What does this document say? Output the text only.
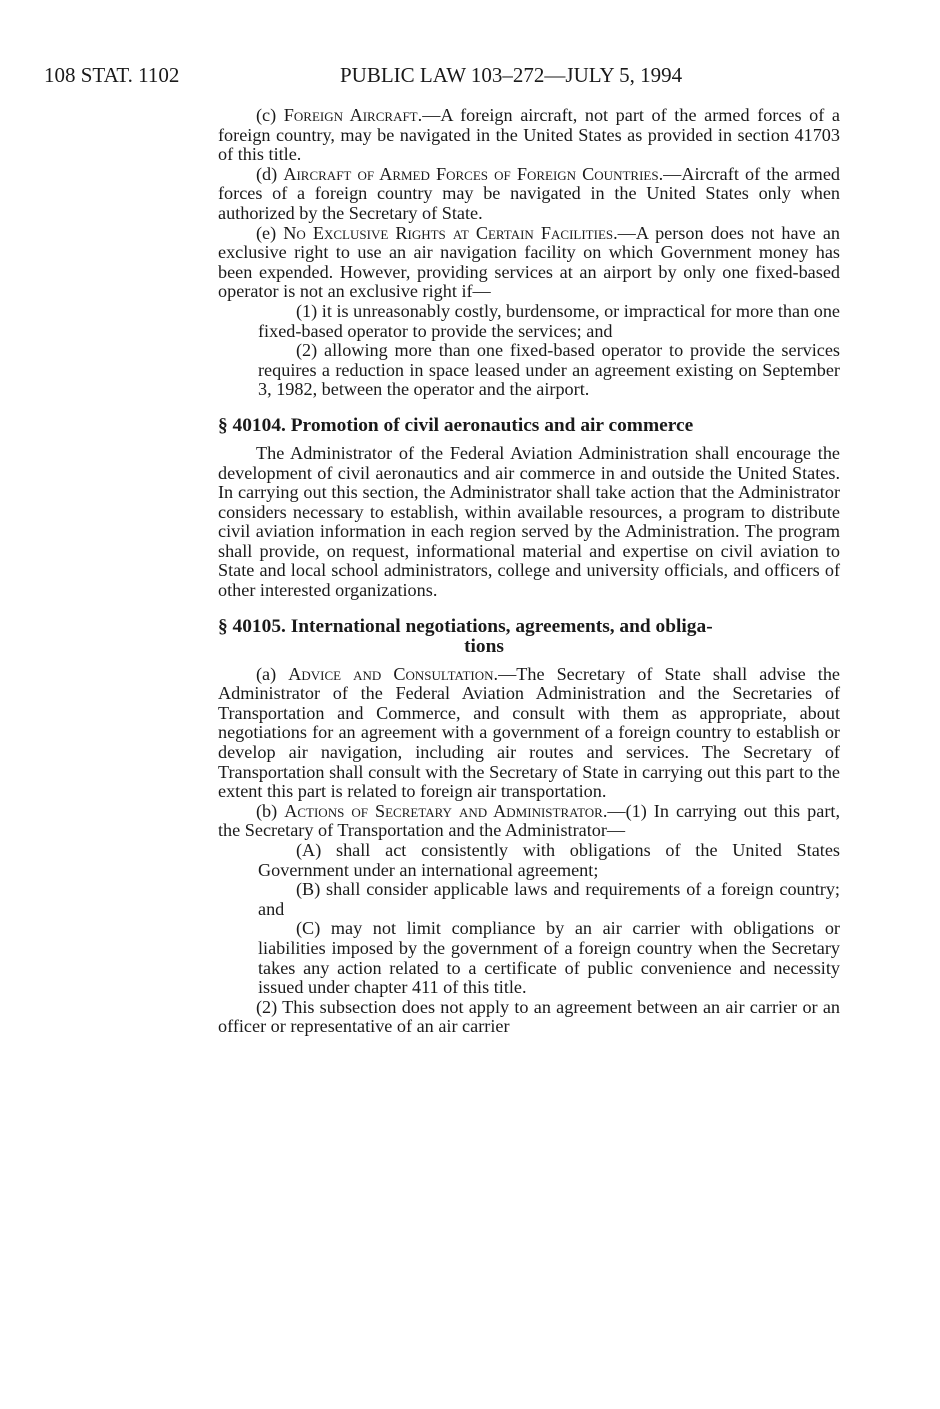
108 STAT. 1102	PUBLIC LAW 103–272—JULY 5, 1994

(c) Foreign Aircraft.—A foreign aircraft, not part of the armed forces of a foreign country, may be navigated in the United States as provided in section 41703 of this title.

(d) Aircraft of Armed Forces of Foreign Countries.—Aircraft of the armed forces of a foreign country may be navigated in the United States only when authorized by the Secretary of State.

(e) No Exclusive Rights at Certain Facilities.—A person does not have an exclusive right to use an air navigation facility on which Government money has been expended. However, providing services at an airport by only one fixed-based operator is not an exclusive right if—

(1) it is unreasonably costly, burdensome, or impractical for more than one fixed-based operator to provide the services; and

(2) allowing more than one fixed-based operator to provide the services requires a reduction in space leased under an agreement existing on September 3, 1982, between the operator and the airport.

§ 40104. Promotion of civil aeronautics and air commerce

The Administrator of the Federal Aviation Administration shall encourage the development of civil aeronautics and air commerce in and outside the United States. In carrying out this section, the Administrator shall take action that the Administrator considers necessary to establish, within available resources, a program to distribute civil aviation information in each region served by the Administration. The program shall provide, on request, informational material and expertise on civil aviation to State and local school administrators, college and university officials, and officers of other interested organizations.

§ 40105. International negotiations, agreements, and obliga-
tions

(a) Advice and Consultation.—The Secretary of State shall advise the Administrator of the Federal Aviation Administration and the Secretaries of Transportation and Commerce, and consult with them as appropriate, about negotiations for an agreement with a government of a foreign country to establish or develop air navigation, including air routes and services. The Secretary of Transportation shall consult with the Secretary of State in carrying out this part to the extent this part is related to foreign air transportation.

(b) Actions of Secretary and Administrator.—(1) In carrying out this part, the Secretary of Transportation and the Administrator—

(A) shall act consistently with obligations of the United States Government under an international agreement;

(B) shall consider applicable laws and requirements of a foreign country; and

(C) may not limit compliance by an air carrier with obligations or liabilities imposed by the government of a foreign country when the Secretary takes any action related to a certificate of public convenience and necessity issued under chapter 411 of this title.

(2) This subsection does not apply to an agreement between an air carrier or an officer or representative of an air carrier
